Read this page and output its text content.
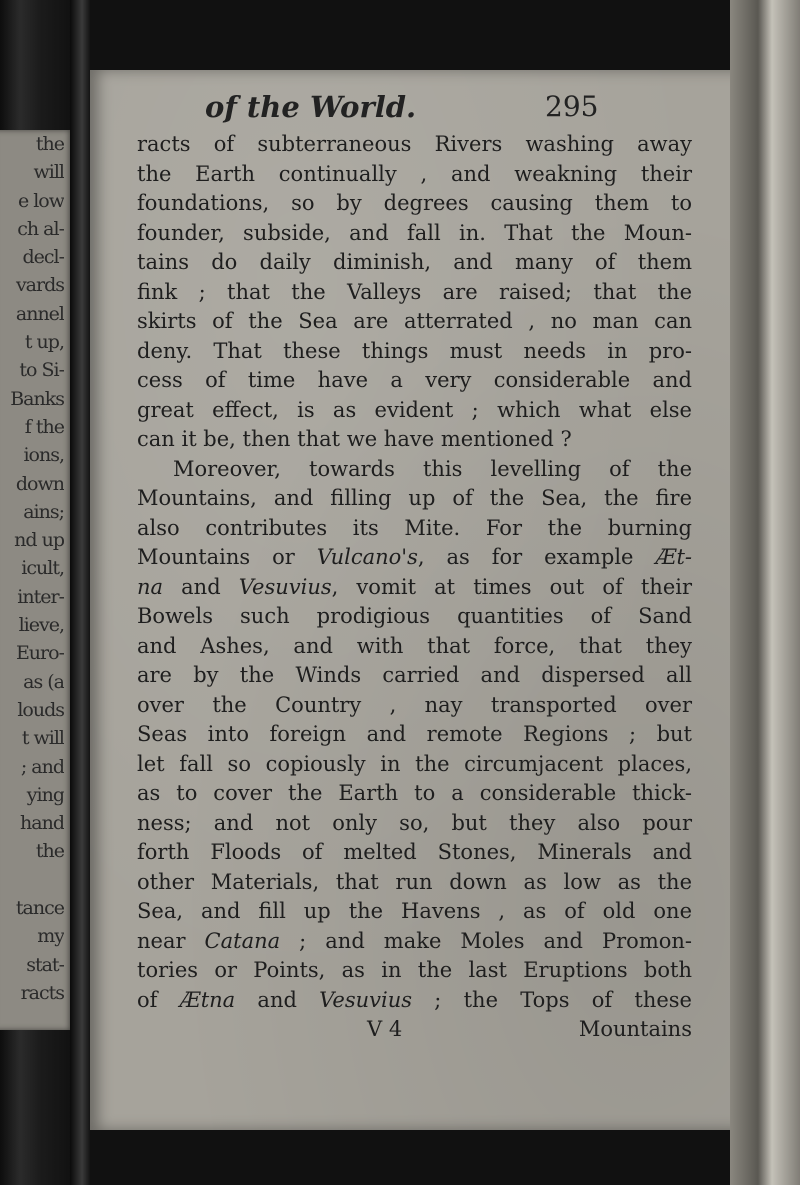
the
will
e low
ch al-
decl-
vards
annel
t up,
to Si-
Banks
f the
ions,
down
ains;
nd up
icult,
inter-
lieve,
Euro-
as (a
louds
t will
; and
ying
hand
the

tance
my
stat-
racts
of the World.	295
racts of subterraneous Rivers washing away
the Earth continually , and weakning their
foundations, so by degrees causing them to
founder, subside, and fall in. That the Moun-
tains do daily diminish, and many of them
fink ; that the Valleys are raised; that the
skirts of the Sea are atterrated , no man can
deny. That these things must needs in pro-
cess of time have a very considerable and
great effect, is as evident ; which what else
can it be, then that we have mentioned ?
Moreover, towards this levelling of the
Mountains, and filling up of the Sea, the fire
also contributes its Mite. For the burning
Mountains or Vulcano's, as for example Æt-
na and Vesuvius, vomit at times out of their
Bowels such prodigious quantities of Sand
and Ashes, and with that force, that they
are by the Winds carried and dispersed all
over the Country , nay transported over
Seas into foreign and remote Regions ; but
let fall so copiously in the circumjacent places,
as to cover the Earth to a considerable thick-
ness; and not only so, but they also pour
forth Floods of melted Stones, Minerals and
other Materials, that run down as low as the
Sea, and fill up the Havens , as of old one
near Catana ; and make Moles and Promon-
tories or Points, as in the last Eruptions both
of Ætna and Vesuvius ; the Tops of these
V 4	Mountains
